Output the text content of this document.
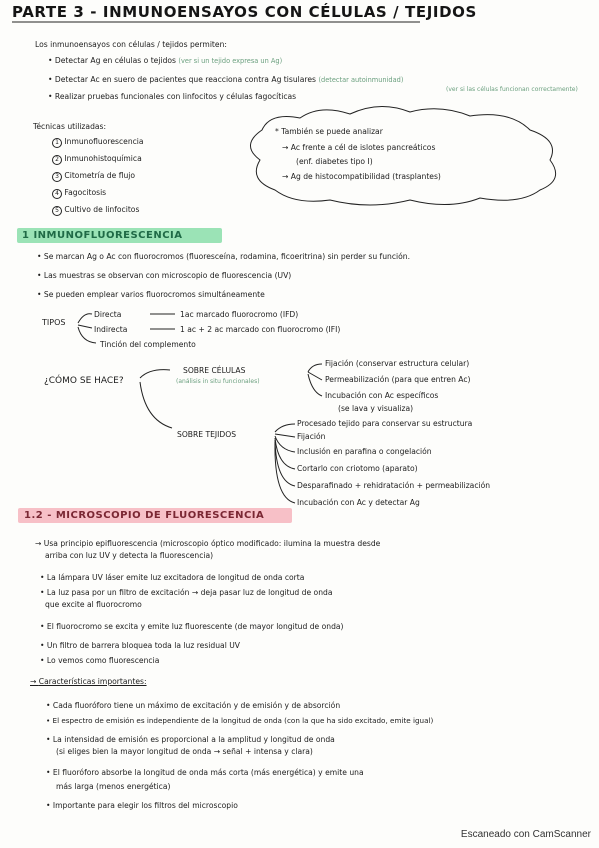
PARTE 3 - INMUNOENSAYOS CON CÉLULAS / TEJIDOS
Los inmunoensayos con células / tejidos permiten:
• Detectar Ag en células o tejidos (ver si un tejido expresa un Ag)
• Detectar Ac en suero de pacientes que reacciona contra Ag tisulares (detectar autoinmunidad)
• Realizar pruebas funcionales con linfocitos y células fagocíticas
(ver si las células funcionan correctamente)
Técnicas utilizadas:
1 Inmunofluorescencia
2 Inmunohistoquímica
3 Citometría de flujo
4 Fagocitosis
5 Cultivo de linfocitos
* También se puede analizar
→ Ac frente a cél de islotes pancreáticos
(enf. diabetes tipo I)
→ Ag de histocompatibilidad (trasplantes)
1 INMUNOFLUORESCENCIA
• Se marcan Ag o Ac con fluorocromos (fluoresceína, rodamina, ficoeritrina) sin perder su función.
• Las muestras se observan con microscopio de fluorescencia (UV)
• Se pueden emplear varios fluorocromos simultáneamente
TIPOS
Directa	1ac marcado fluorocromo (IFD)
Indirecta	1 ac + 2 ac marcado con fluorocromo (IFI)
Tinción del complemento
¿CÓMO SE HACE?
SOBRE CÉLULAS
(análisis in situ funcionales)
Fijación (conservar estructura celular)
Permeabilización (para que entren Ac)
Incubación con Ac específicos
(se lava y visualiza)
SOBRE TEJIDOS
Procesado tejido para conservar su estructura
Fijación
Inclusión en parafina o congelación
Cortarlo con criotomo (aparato)
Desparafinado + rehidratación + permeabilización
Incubación con Ac y detectar Ag
1.2 - MICROSCOPIO DE FLUORESCENCIA
→ Usa principio epifluorescencia (microscopio óptico modificado: ilumina la muestra desde
arriba con luz UV y detecta la fluorescencia)
• La lámpara UV láser emite luz excitadora de longitud de onda corta
• La luz pasa por un filtro de excitación → deja pasar luz de longitud de onda
que excite al fluorocromo
• El fluorocromo se excita y emite luz fluorescente (de mayor longitud de onda)
• Un filtro de barrera bloquea toda la luz residual UV
• Lo vemos como fluorescencia
→ Características importantes:
• Cada fluoróforo tiene un máximo de excitación y de emisión y de absorción
• El espectro de emisión es independiente de la longitud de onda (con la que ha sido excitado, emite igual)
• La intensidad de emisión es proporcional a la amplitud y longitud de onda
(si eliges bien la mayor longitud de onda → señal + intensa y clara)
• El fluoróforo absorbe la longitud de onda más corta (más energética) y emite una
más larga (menos energética)
• Importante para elegir los filtros del microscopio
Escaneado con CamScanner
